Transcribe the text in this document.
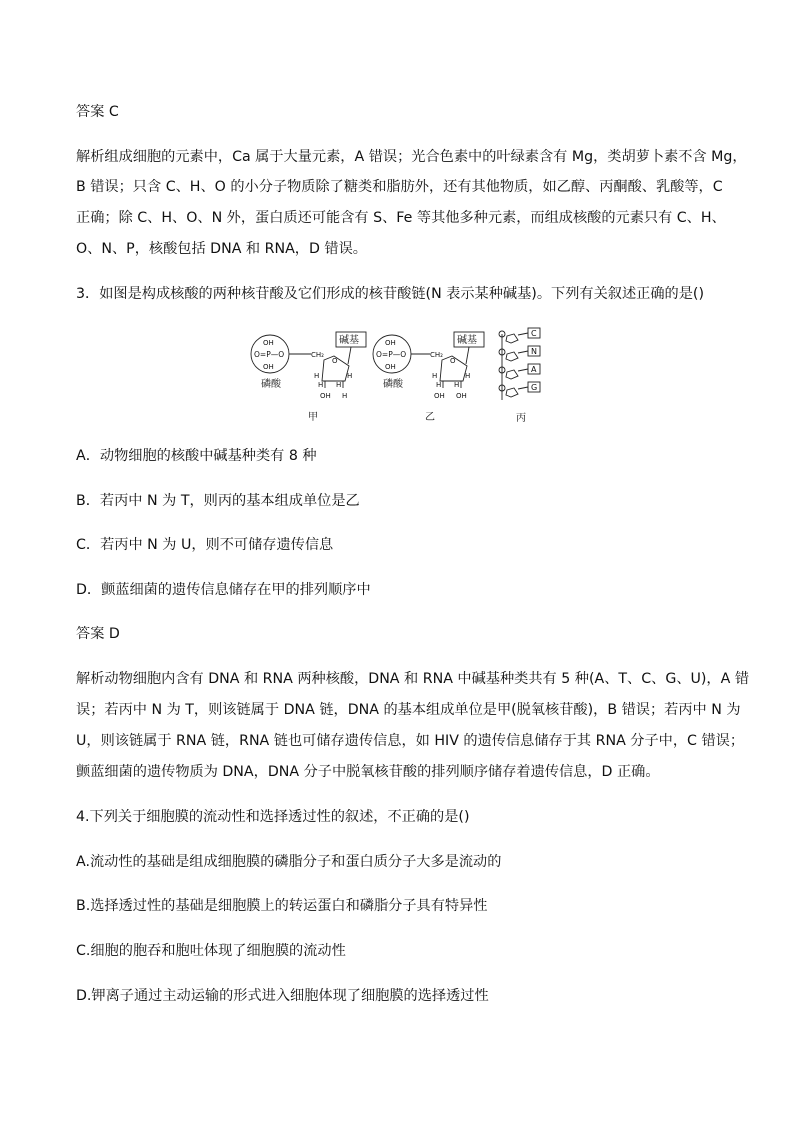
答案 C
解析组成细胞的元素中，Ca 属于大量元素，A 错误；光合色素中的叶绿素含有 Mg，类胡萝卜素不含 Mg，
B 错误；只含 C、H、O 的小分子物质除了糖类和脂肪外，还有其他物质，如乙醇、丙酮酸、乳酸等，C
正确；除 C、H、O、N 外，蛋白质还可能含有 S、Fe 等其他多种元素，而组成核酸的元素只有 C、H、
O、N、P，核酸包括 DNA 和 RNA，D 错误。
3．如图是构成核酸的两种核苷酸及它们形成的核苷酸链(N 表示某种碱基)。下列有关叙述正确的是()
OH
O=P—O
OH
磷酸
CH₂
碱基
O
H	H
H H
OH H
甲
OH
O=P—O
OH
磷酸
CH₂
碱基
O
H	H
H H
OH OH
乙
C
N
A
G
丙
A．动物细胞的核酸中碱基种类有 8 种
B．若丙中 N 为 T，则丙的基本组成单位是乙
C．若丙中 N 为 U，则不可储存遗传信息
D．颤蓝细菌的遗传信息储存在甲的排列顺序中
答案 D
解析动物细胞内含有 DNA 和 RNA 两种核酸，DNA 和 RNA 中碱基种类共有 5 种(A、T、C、G、U)，A 错
误；若丙中 N 为 T，则该链属于 DNA 链，DNA 的基本组成单位是甲(脱氧核苷酸)，B 错误；若丙中 N 为
U，则该链属于 RNA 链，RNA 链也可储存遗传信息，如 HIV 的遗传信息储存于其 RNA 分子中，C 错误；
颤蓝细菌的遗传物质为 DNA，DNA 分子中脱氧核苷酸的排列顺序储存着遗传信息，D 正确。
4.下列关于细胞膜的流动性和选择透过性的叙述，不正确的是()
A.流动性的基础是组成细胞膜的磷脂分子和蛋白质分子大多是流动的
B.选择透过性的基础是细胞膜上的转运蛋白和磷脂分子具有特异性
C.细胞的胞吞和胞吐体现了细胞膜的流动性
D.钾离子通过主动运输的形式进入细胞体现了细胞膜的选择透过性
